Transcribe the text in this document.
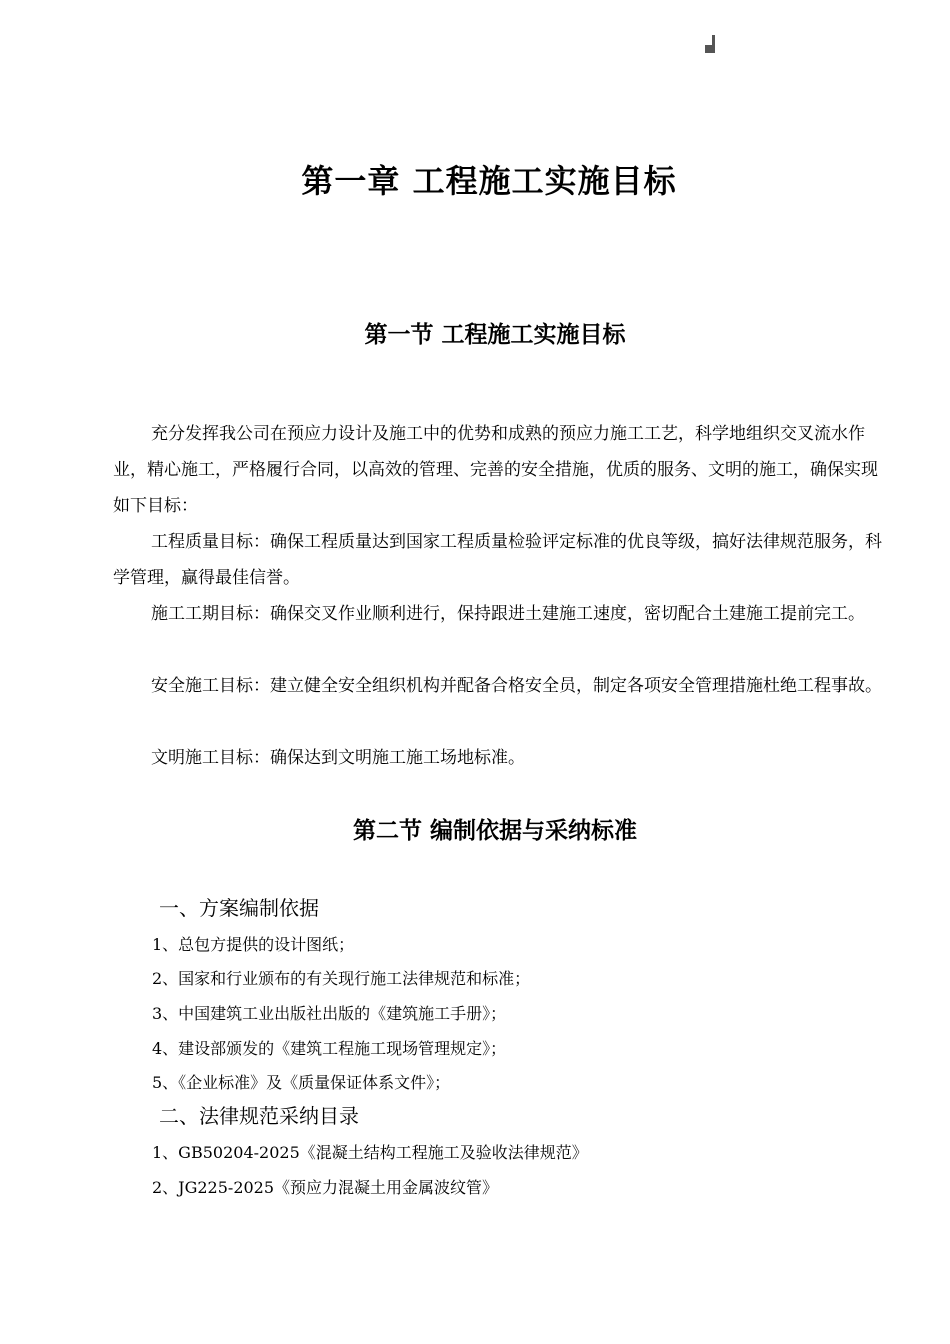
第一章 工程施工实施目标
第一节 工程施工实施目标

充分发挥我公司在预应力设计及施工中的优势和成熟的预应力施工工艺，科学地组织交叉流水作业，精心施工，严格履行合同，以高效的管理、完善的安全措施，优质的服务、文明的施工，确保实现如下目标：

工程质量目标：确保工程质量达到国家工程质量检验评定标准的优良等级，搞好法律规范服务，科学管理，赢得最佳信誉。

施工工期目标：确保交叉作业顺利进行，保持跟进土建施工速度，密切配合土建施工提前完工。

安全施工目标：建立健全安全组织机构并配备合格安全员，制定各项安全管理措施杜绝工程事故。

文明施工目标：确保达到文明施工施工场地标准。

第二节 编制依据与采纳标准
一、方案编制依据
1、总包方提供的设计图纸；
2、国家和行业颁布的有关现行施工法律规范和标准；
3、中国建筑工业出版社出版的《建筑施工手册》；
4、建设部颁发的《建筑工程施工现场管理规定》；
5、《企业标准》及《质量保证体系文件》；
二、法律规范采纳目录
1、GB50204-2025《混凝土结构工程施工及验收法律规范》
2、JG225-2025《预应力混凝土用金属波纹管》
